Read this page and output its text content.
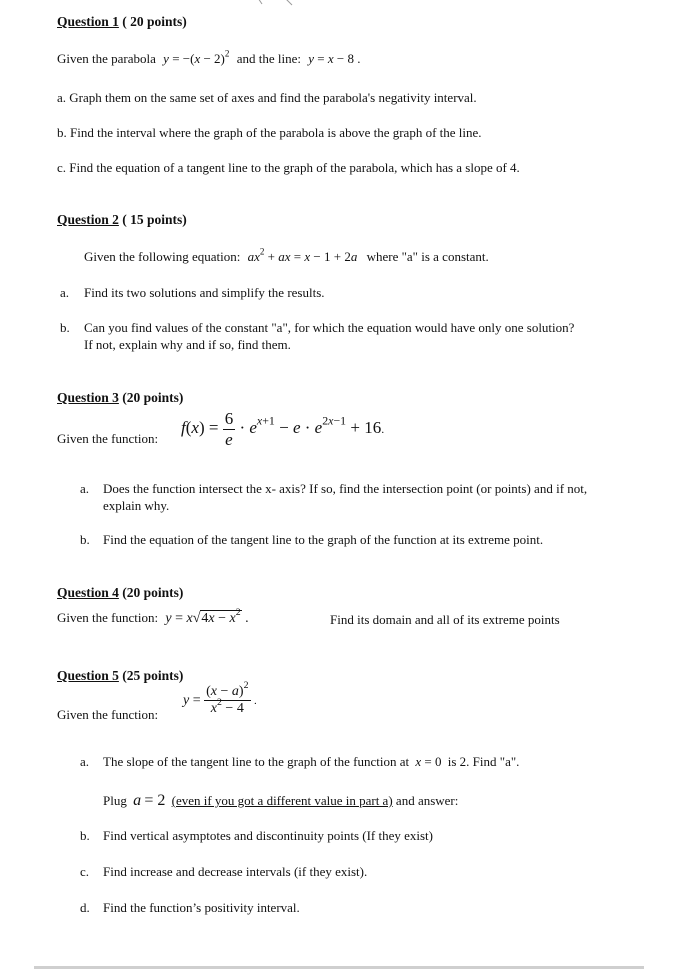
Question 1 ( 20 points)
Given the parabola $y = -(x - 2)^2$ and the line: y = x − 8 .
a. Graph them on the same set of axes and find the parabola's negativity interval.
b. Find the interval where the graph of the parabola is above the graph of the line.
c. Find the equation of a tangent line to the graph of the parabola, which has a slope of 4.
Question 2 ( 15 points)
Given the following equation: $ax^2$ + ax = x − 1 + 2a where "a" is a constant.
a. Find its two solutions and simplify the results.
b. Can you find values of the constant "a", for which the equation would have only one solution?
If not, explain why and if so, find them.
Question 3 (20 points)
Given the function:
$f(x) = \frac{6}{e} \cdot e^{x+1} - e \cdot e^{2x-1} + 16$.
a. Does the function intersect the x- axis? If so, find the intersection point (or points) and if not,
explain why.
b. Find the equation of the tangent line to the graph of the function at its extreme point.
Question 4 (20 points)
Given the function: $y = x√4x - x^2$ .	Find its domain and all of its extreme points
Question 5 (25 points)
Given the function:
$y = \frac{(x - a)^2}{x^2 - 4}$ .
a. The slope of the tangent line to the graph of the function at x = 0 is 2. Find "a".
Plug a = 2 (even if you got a different value in part a) and answer:
b. Find vertical asymptotes and discontinuity points (If they exist)
c. Find increase and decrease intervals (if they exist).
d. Find the function’s positivity interval.
